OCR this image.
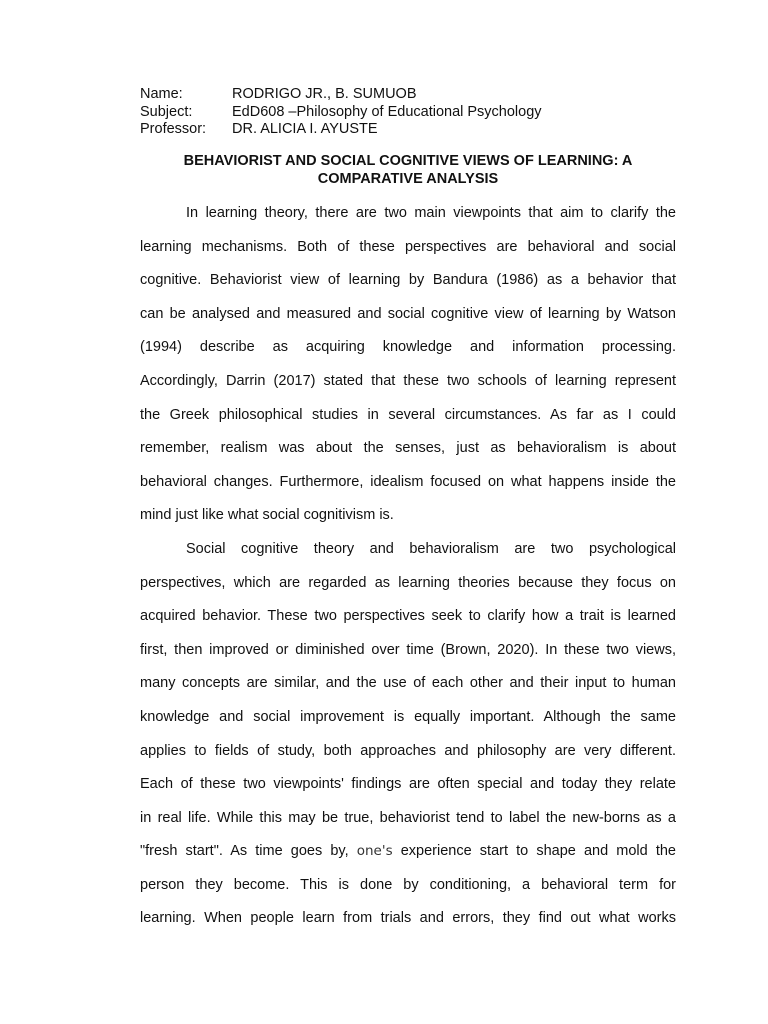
Name:	RODRIGO JR., B. SUMUOB
Subject:	EdD608 –Philosophy of Educational Psychology
Professor:	DR. ALICIA I. AYUSTE
BEHAVIORIST AND SOCIAL COGNITIVE VIEWS OF LEARNING: A
COMPARATIVE ANALYSIS
In learning theory, there are two main viewpoints that aim to clarify the
learning mechanisms. Both of these perspectives are behavioral and social
cognitive. Behaviorist view of learning by Bandura (1986) as a behavior that
can be analysed and measured and social cognitive view of learning by Watson
(1994) describe as acquiring knowledge and information processing.
Accordingly, Darrin (2017) stated that these two schools of learning represent
the Greek philosophical studies in several circumstances. As far as I could
remember, realism was about the senses, just as behavioralism is about
behavioral changes. Furthermore, idealism focused on what happens inside the
mind just like what social cognitivism is.
Social cognitive theory and behavioralism are two psychological
perspectives, which are regarded as learning theories because they focus on
acquired behavior. These two perspectives seek to clarify how a trait is learned
first, then improved or diminished over time (Brown, 2020). In these two views,
many concepts are similar, and the use of each other and their input to human
knowledge and social improvement is equally important. Although the same
applies to fields of study, both approaches and philosophy are very different.
Each of these two viewpoints' findings are often special and today they relate
in real life. While this may be true, behaviorist tend to label the new-borns as a
"fresh start". As time goes by, one's experience start to shape and mold the
person they become. This is done by conditioning, a behavioral term for
learning. When people learn from trials and errors, they find out what works
